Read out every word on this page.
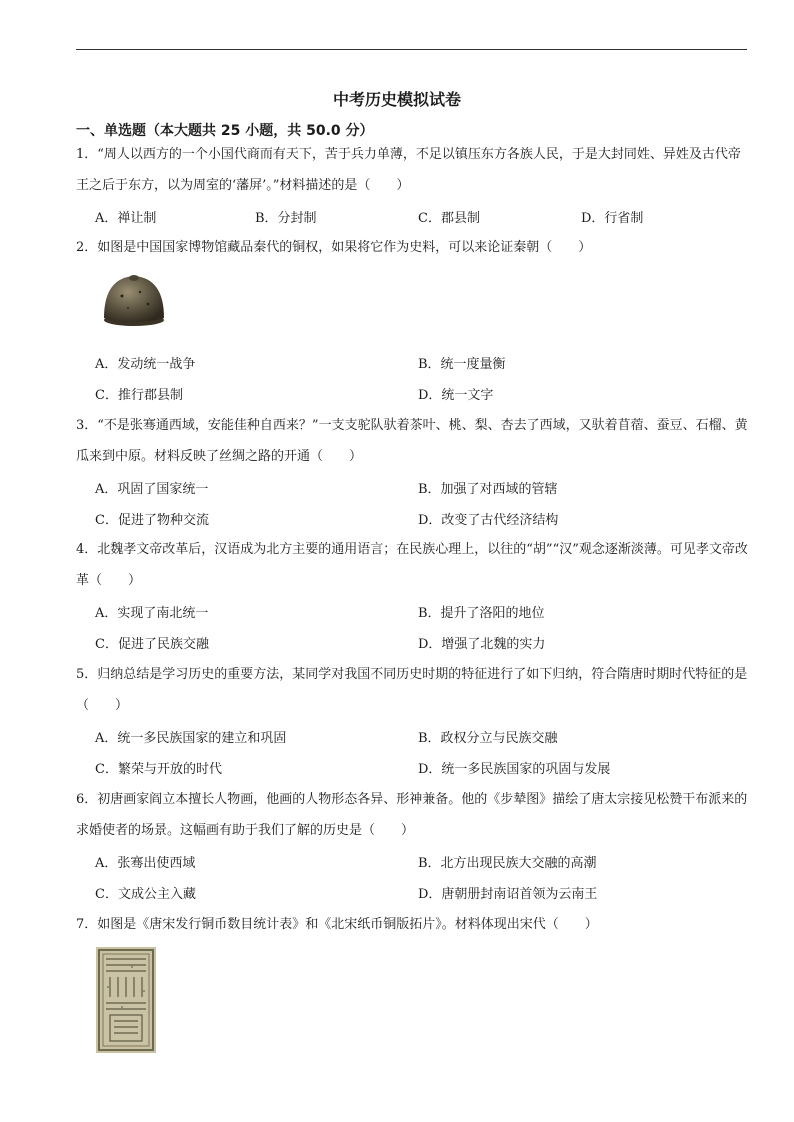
中考历史模拟试卷
一、单选题（本大题共 25 小题，共 50.0 分）
1．“周人以西方的一个小国代商而有天下，苦于兵力单薄，不足以镇压东方各族人民，于是大封同姓、异姓及古代帝王之后于东方，以为周室的‘藩屏’。”材料描述的是（　　）
A．禅让制	B．分封制	C．郡县制	D．行省制
2．如图是中国国家博物馆藏品秦代的铜权，如果将它作为史料，可以来论证秦朝（　　）
A．发动统一战争	B．统一度量衡
C．推行郡县制	D．统一文字
3．“不是张骞通西域，安能佳种自西来？”一支支驼队驮着茶叶、桃、梨、杏去了西域，又驮着苜蓿、蚕豆、石榴、黄瓜来到中原。材料反映了丝绸之路的开通（　　）
A．巩固了国家统一	B．加强了对西域的管辖
C．促进了物种交流	D．改变了古代经济结构
4．北魏孝文帝改革后，汉语成为北方主要的通用语言；在民族心理上，以往的“胡”“汉”观念逐渐淡薄。可见孝文帝改革（　　）
A．实现了南北统一	B．提升了洛阳的地位
C．促进了民族交融	D．增强了北魏的实力
5．归纳总结是学习历史的重要方法，某同学对我国不同历史时期的特征进行了如下归纳，符合隋唐时期时代特征的是（　　）
A．统一多民族国家的建立和巩固	B．政权分立与民族交融
C．繁荣与开放的时代	D．统一多民族国家的巩固与发展
6．初唐画家阎立本擅长人物画，他画的人物形态各异、形神兼备。他的《步辇图》描绘了唐太宗接见松赞干布派来的求婚使者的场景。这幅画有助于我们了解的历史是（　　）
A．张骞出使西域	B．北方出现民族大交融的高潮
C．文成公主入藏	D．唐朝册封南诏首领为云南王
7．如图是《唐宋发行铜币数目统计表》和《北宋纸币铜版拓片》。材料体现出宋代（　　）
